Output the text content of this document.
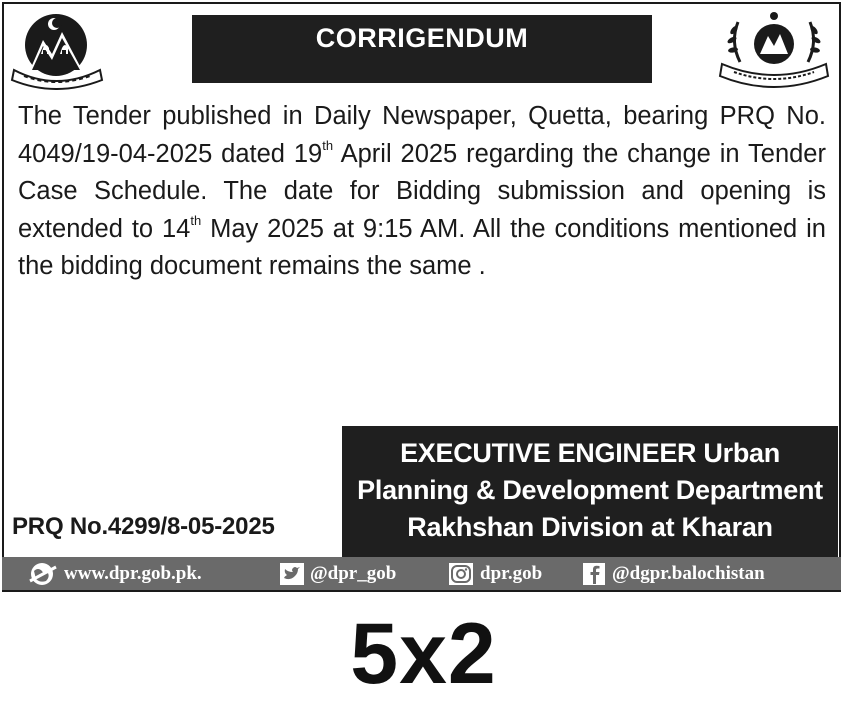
CORRIGENDUM
The Tender published in Daily Newspaper, Quetta, bearing PRQ No. 4049/19-04-2025 dated 19th April 2025 regarding the change in Tender Case Schedule. The date for Bidding submission and opening is extended to 14th May 2025 at 9:15 AM. All the conditions mentioned in the bidding document remains the same .
EXECUTIVE ENGINEER Urban
Planning & Development Department
Rakhshan Division at Kharan
PRQ No.4299/8-05-2025
www.dpr.gob.pk.	@dpr_gob	dpr.gob	@dgpr.balochistan
5x2
